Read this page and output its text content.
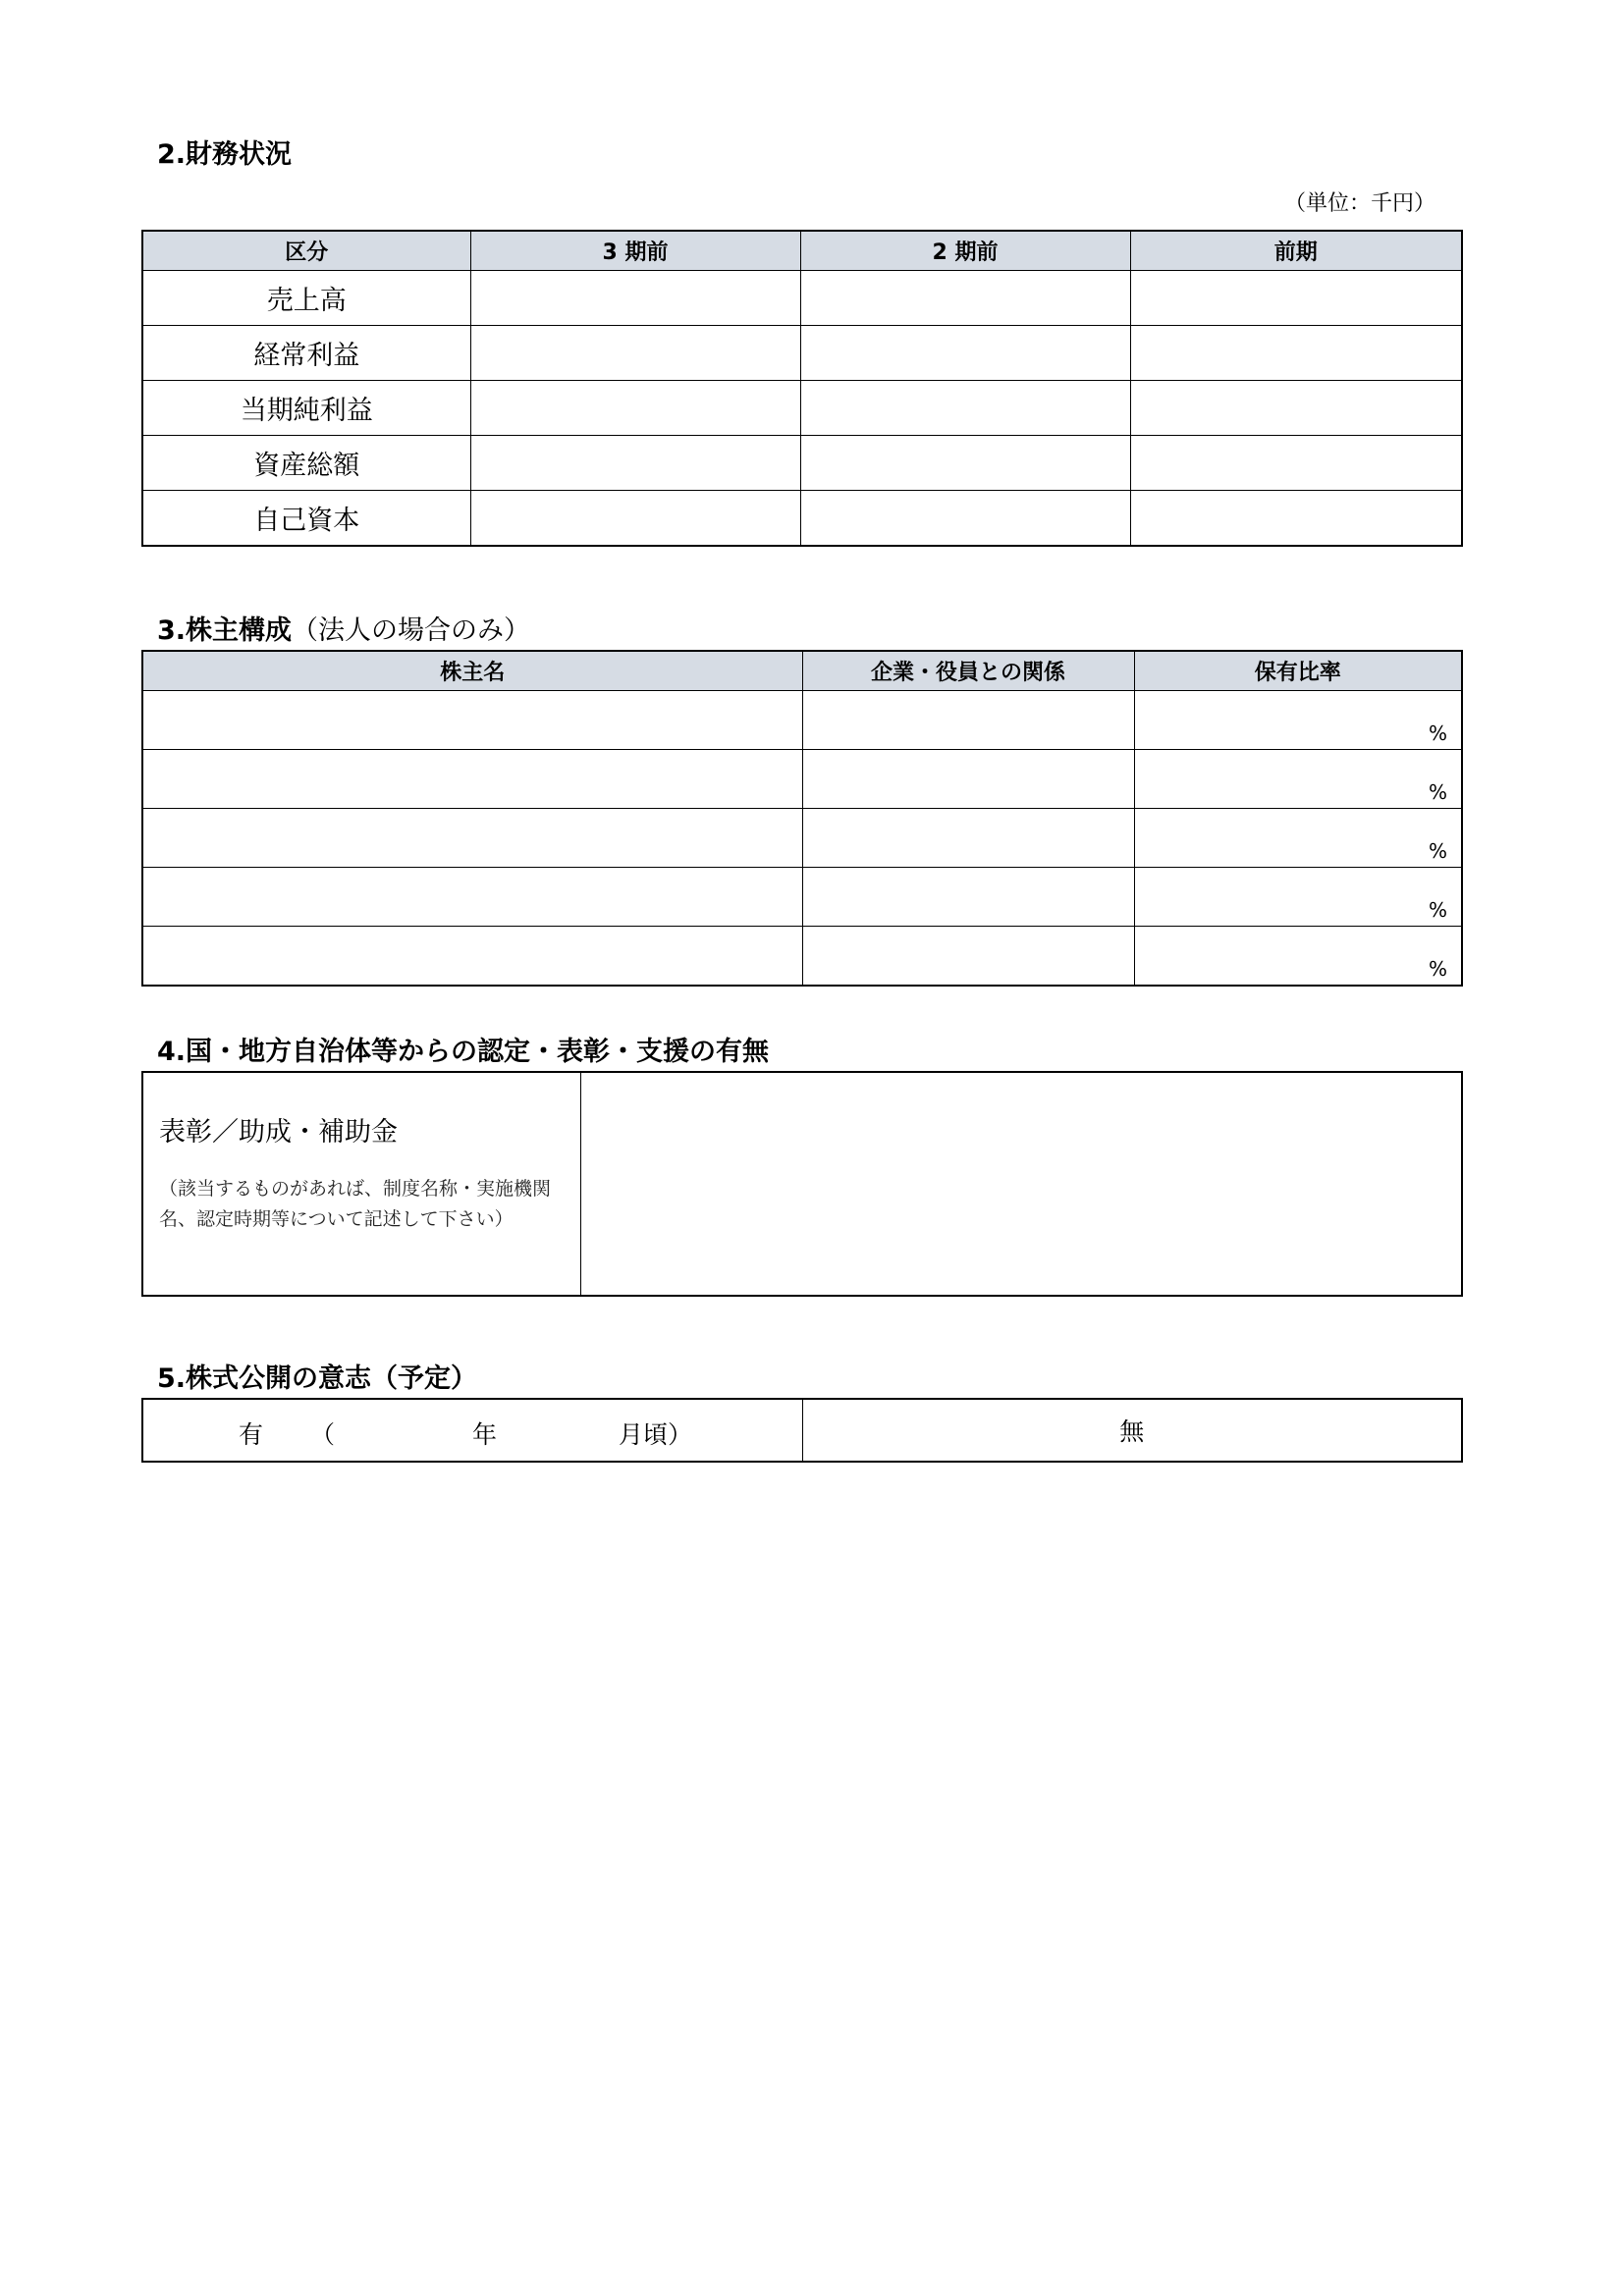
2.財務状況
（単位：千円）
区分	3 期前	2 期前	前期
売上高			
経常利益			
当期純利益			
資産総額			
自己資本			
3.株主構成（法人の場合のみ）
株主名	企業・役員との関係	保有比率
		%
		%
		%
		%
		%
4.国・地方自治体等からの認定・表彰・支援の有無
表彰／助成・補助金
（該当するものがあれば、制度名称・実施機関名、認定時期等について記述して下さい）

5.株式公開の意志（予定）
有 （	年	月頃）	無
